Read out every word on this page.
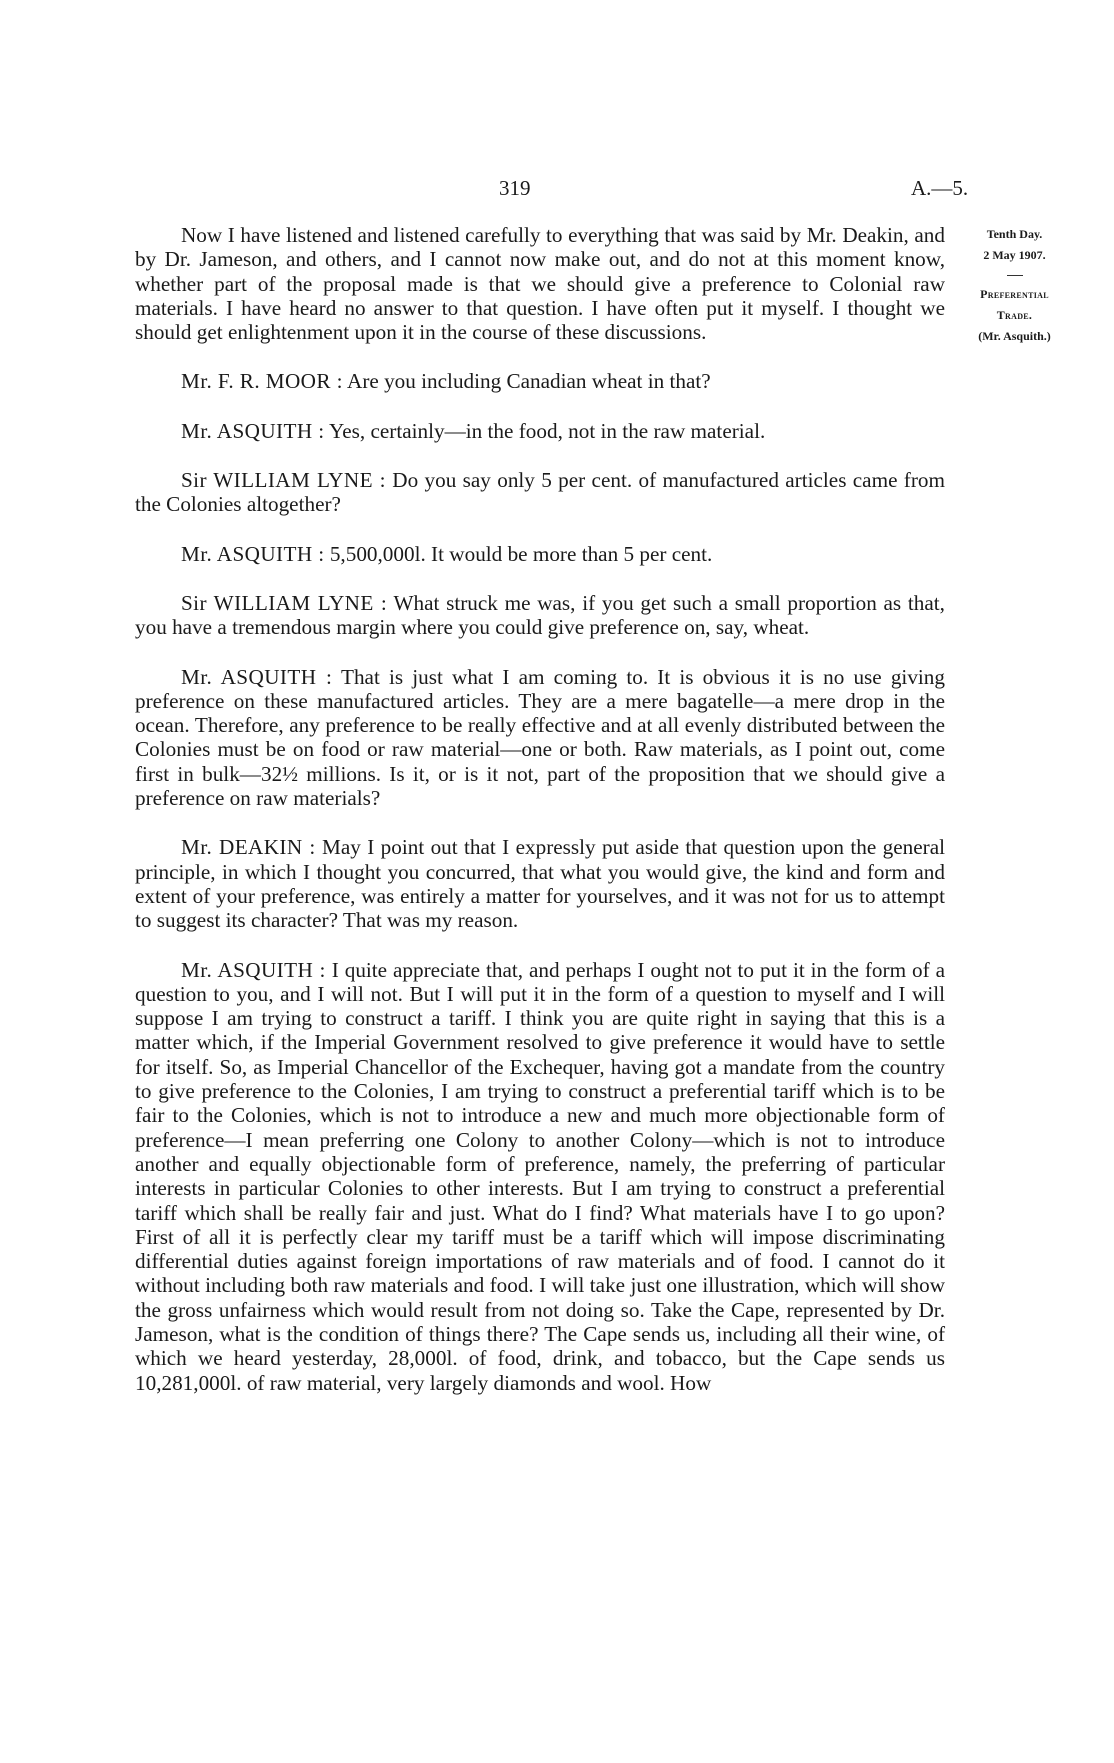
319	A.—5.
Tenth Day.
2 May 1907.
Preferential
Trade.
(Mr. Asquith.)

Now I have listened and listened carefully to everything that was said by Mr. Deakin, and by Dr. Jameson, and others, and I cannot now make out, and do not at this moment know, whether part of the proposal made is that we should give a preference to Colonial raw materials. I have heard no answer to that question. I have often put it myself. I thought we should get enlightenment upon it in the course of these discussions.

Mr. F. R. MOOR : Are you including Canadian wheat in that?

Mr. ASQUITH : Yes, certainly—in the food, not in the raw material.

Sir WILLIAM LYNE : Do you say only 5 per cent. of manufactured articles came from the Colonies altogether?

Mr. ASQUITH : 5,500,000l. It would be more than 5 per cent.

Sir WILLIAM LYNE : What struck me was, if you get such a small proportion as that, you have a tremendous margin where you could give preference on, say, wheat.

Mr. ASQUITH : That is just what I am coming to. It is obvious it is no use giving preference on these manufactured articles. They are a mere bagatelle—a mere drop in the ocean. Therefore, any preference to be really effective and at all evenly distributed between the Colonies must be on food or raw material—one or both. Raw materials, as I point out, come first in bulk—32½ millions. Is it, or is it not, part of the proposition that we should give a preference on raw materials?

Mr. DEAKIN : May I point out that I expressly put aside that question upon the general principle, in which I thought you concurred, that what you would give, the kind and form and extent of your preference, was entirely a matter for yourselves, and it was not for us to attempt to suggest its character? That was my reason.

Mr. ASQUITH : I quite appreciate that, and perhaps I ought not to put it in the form of a question to you, and I will not. But I will put it in the form of a question to myself and I will suppose I am trying to construct a tariff. I think you are quite right in saying that this is a matter which, if the Imperial Government resolved to give preference it would have to settle for itself. So, as Imperial Chancellor of the Exchequer, having got a mandate from the country to give preference to the Colonies, I am trying to construct a preferential tariff which is to be fair to the Colonies, which is not to introduce a new and much more objectionable form of preference—I mean preferring one Colony to another Colony—which is not to introduce another and equally objectionable form of preference, namely, the preferring of particular interests in particular Colonies to other interests. But I am trying to construct a preferential tariff which shall be really fair and just. What do I find? What materials have I to go upon? First of all it is perfectly clear my tariff must be a tariff which will impose discriminating differential duties against foreign importations of raw materials and of food. I cannot do it without including both raw materials and food. I will take just one illustration, which will show the gross unfairness which would result from not doing so. Take the Cape, represented by Dr. Jameson, what is the condition of things there? The Cape sends us, including all their wine, of which we heard yesterday, 28,000l. of food, drink, and tobacco, but the Cape sends us 10,281,000l. of raw material, very largely diamonds and wool. How
